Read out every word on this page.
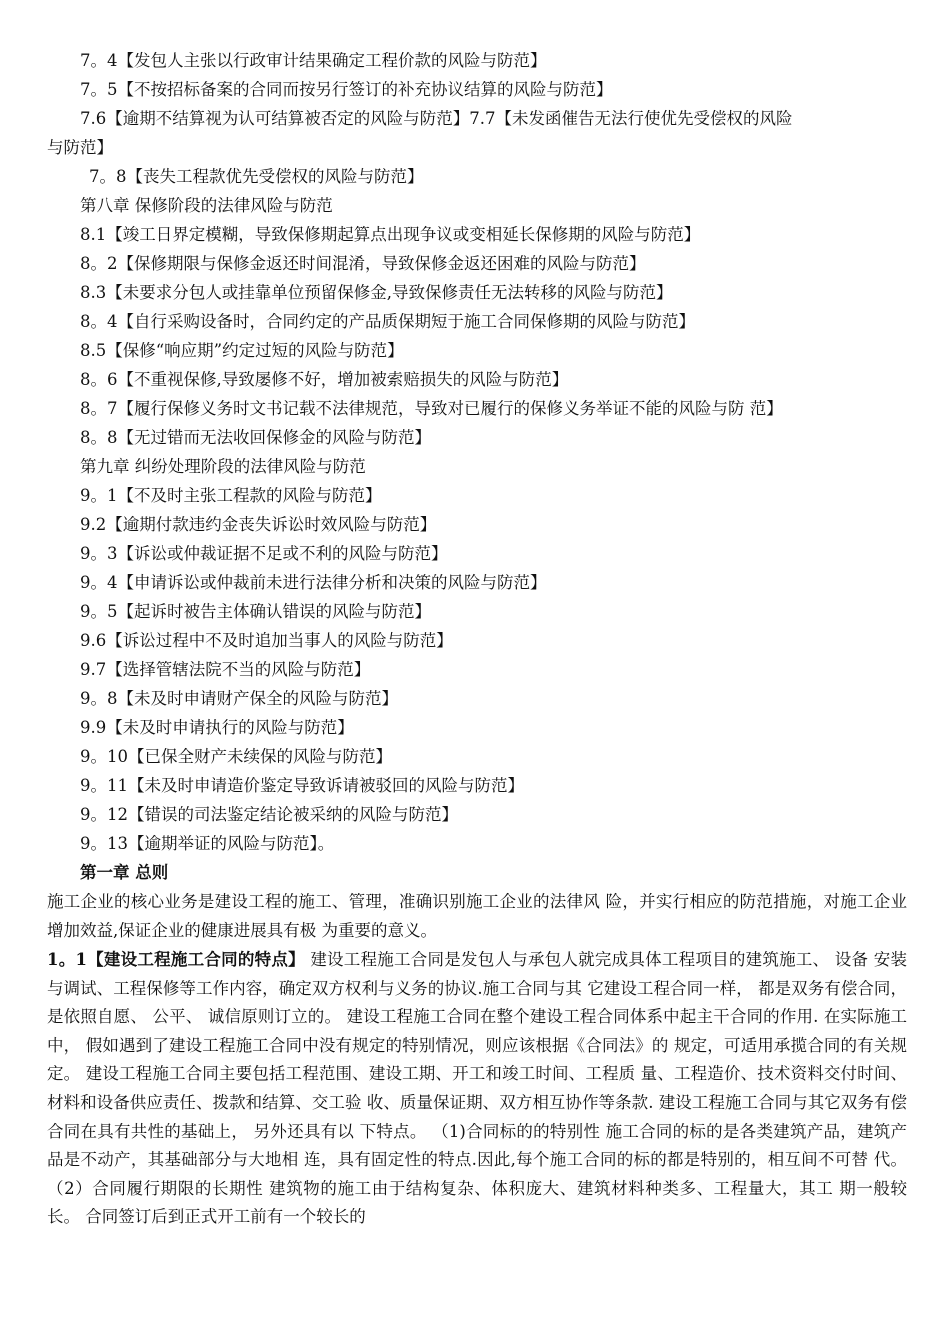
7。4【发包人主张以行政审计结果确定工程价款的风险与防范】
7。5【不按招标备案的合同而按另行签订的补充协议结算的风险与防范】
7.6【逾期不结算视为认可结算被否定的风险与防范】7.7【未发函催告无法行使优先受偿权的风险
与防范】
7。8【丧失工程款优先受偿权的风险与防范】
第八章 保修阶段的法律风险与防范
8.1【竣工日界定模糊，导致保修期起算点出现争议或变相延长保修期的风险与防范】
8。2【保修期限与保修金返还时间混淆，导致保修金返还困难的风险与防范】
8.3【未要求分包人或挂靠单位预留保修金,导致保修责任无法转移的风险与防范】
8。4【自行采购设备时，合同约定的产品质保期短于施工合同保修期的风险与防范】
8.5【保修“响应期”约定过短的风险与防范】
8。6【不重视保修,导致屡修不好，增加被索赔损失的风险与防范】
8。7【履行保修义务时文书记载不法律规范，导致对已履行的保修义务举证不能的风险与防 范】
8。8【无过错而无法收回保修金的风险与防范】
第九章 纠纷处理阶段的法律风险与防范
9。1【不及时主张工程款的风险与防范】
9.2【逾期付款违约金丧失诉讼时效风险与防范】
9。3【诉讼或仲裁证据不足或不利的风险与防范】
9。4【申请诉讼或仲裁前未进行法律分析和决策的风险与防范】
9。5【起诉时被告主体确认错误的风险与防范】
9.6【诉讼过程中不及时追加当事人的风险与防范】
9.7【选择管辖法院不当的风险与防范】
9。8【未及时申请财产保全的风险与防范】
9.9【未及时申请执行的风险与防范】
9。10【已保全财产未续保的风险与防范】
9。11【未及时申请造价鉴定导致诉请被驳回的风险与防范】
9。12【错误的司法鉴定结论被采纳的风险与防范】
9。13【逾期举证的风险与防范】。
第一章 总则
施工企业的核心业务是建设工程的施工、管理，准确识别施工企业的法律风 险，并实行相应的防范措施，对施工企业增加效益,保证企业的健康进展具有极 为重要的意义。
1。1【建设工程施工合同的特点】 建设工程施工合同是发包人与承包人就完成具体工程项目的建筑施工、 设备 安装与调试、工程保修等工作内容，确定双方权利与义务的协议.施工合同与其 它建设工程合同一样， 都是双务有偿合同， 是依照自愿、 公平、 诚信原则订立的。 建设工程施工合同在整个建设工程合同体系中起主干合同的作用. 在实际施工中， 假如遇到了建设工程施工合同中没有规定的特别情况，则应该根据《合同法》的 规定，可适用承揽合同的有关规定。 建设工程施工合同主要包括工程范围、建设工期、开工和竣工时间、工程质 量、工程造价、技术资料交付时间、材料和设备供应责任、拨款和结算、交工验 收、质量保证期、双方相互协作等条款. 建设工程施工合同与其它双务有偿合同在具有共性的基础上， 另外还具有以 下特点。 （1)合同标的的特别性 施工合同的标的是各类建筑产品，建筑产品是不动产，其基础部分与大地相 连，具有固定性的特点.因此,每个施工合同的标的都是特别的，相互间不可替 代。 （2）合同履行期限的长期性 建筑物的施工由于结构复杂、体积庞大、建筑材料种类多、工程量大，其工 期一般较长。 合同签订后到正式开工前有一个较长的
